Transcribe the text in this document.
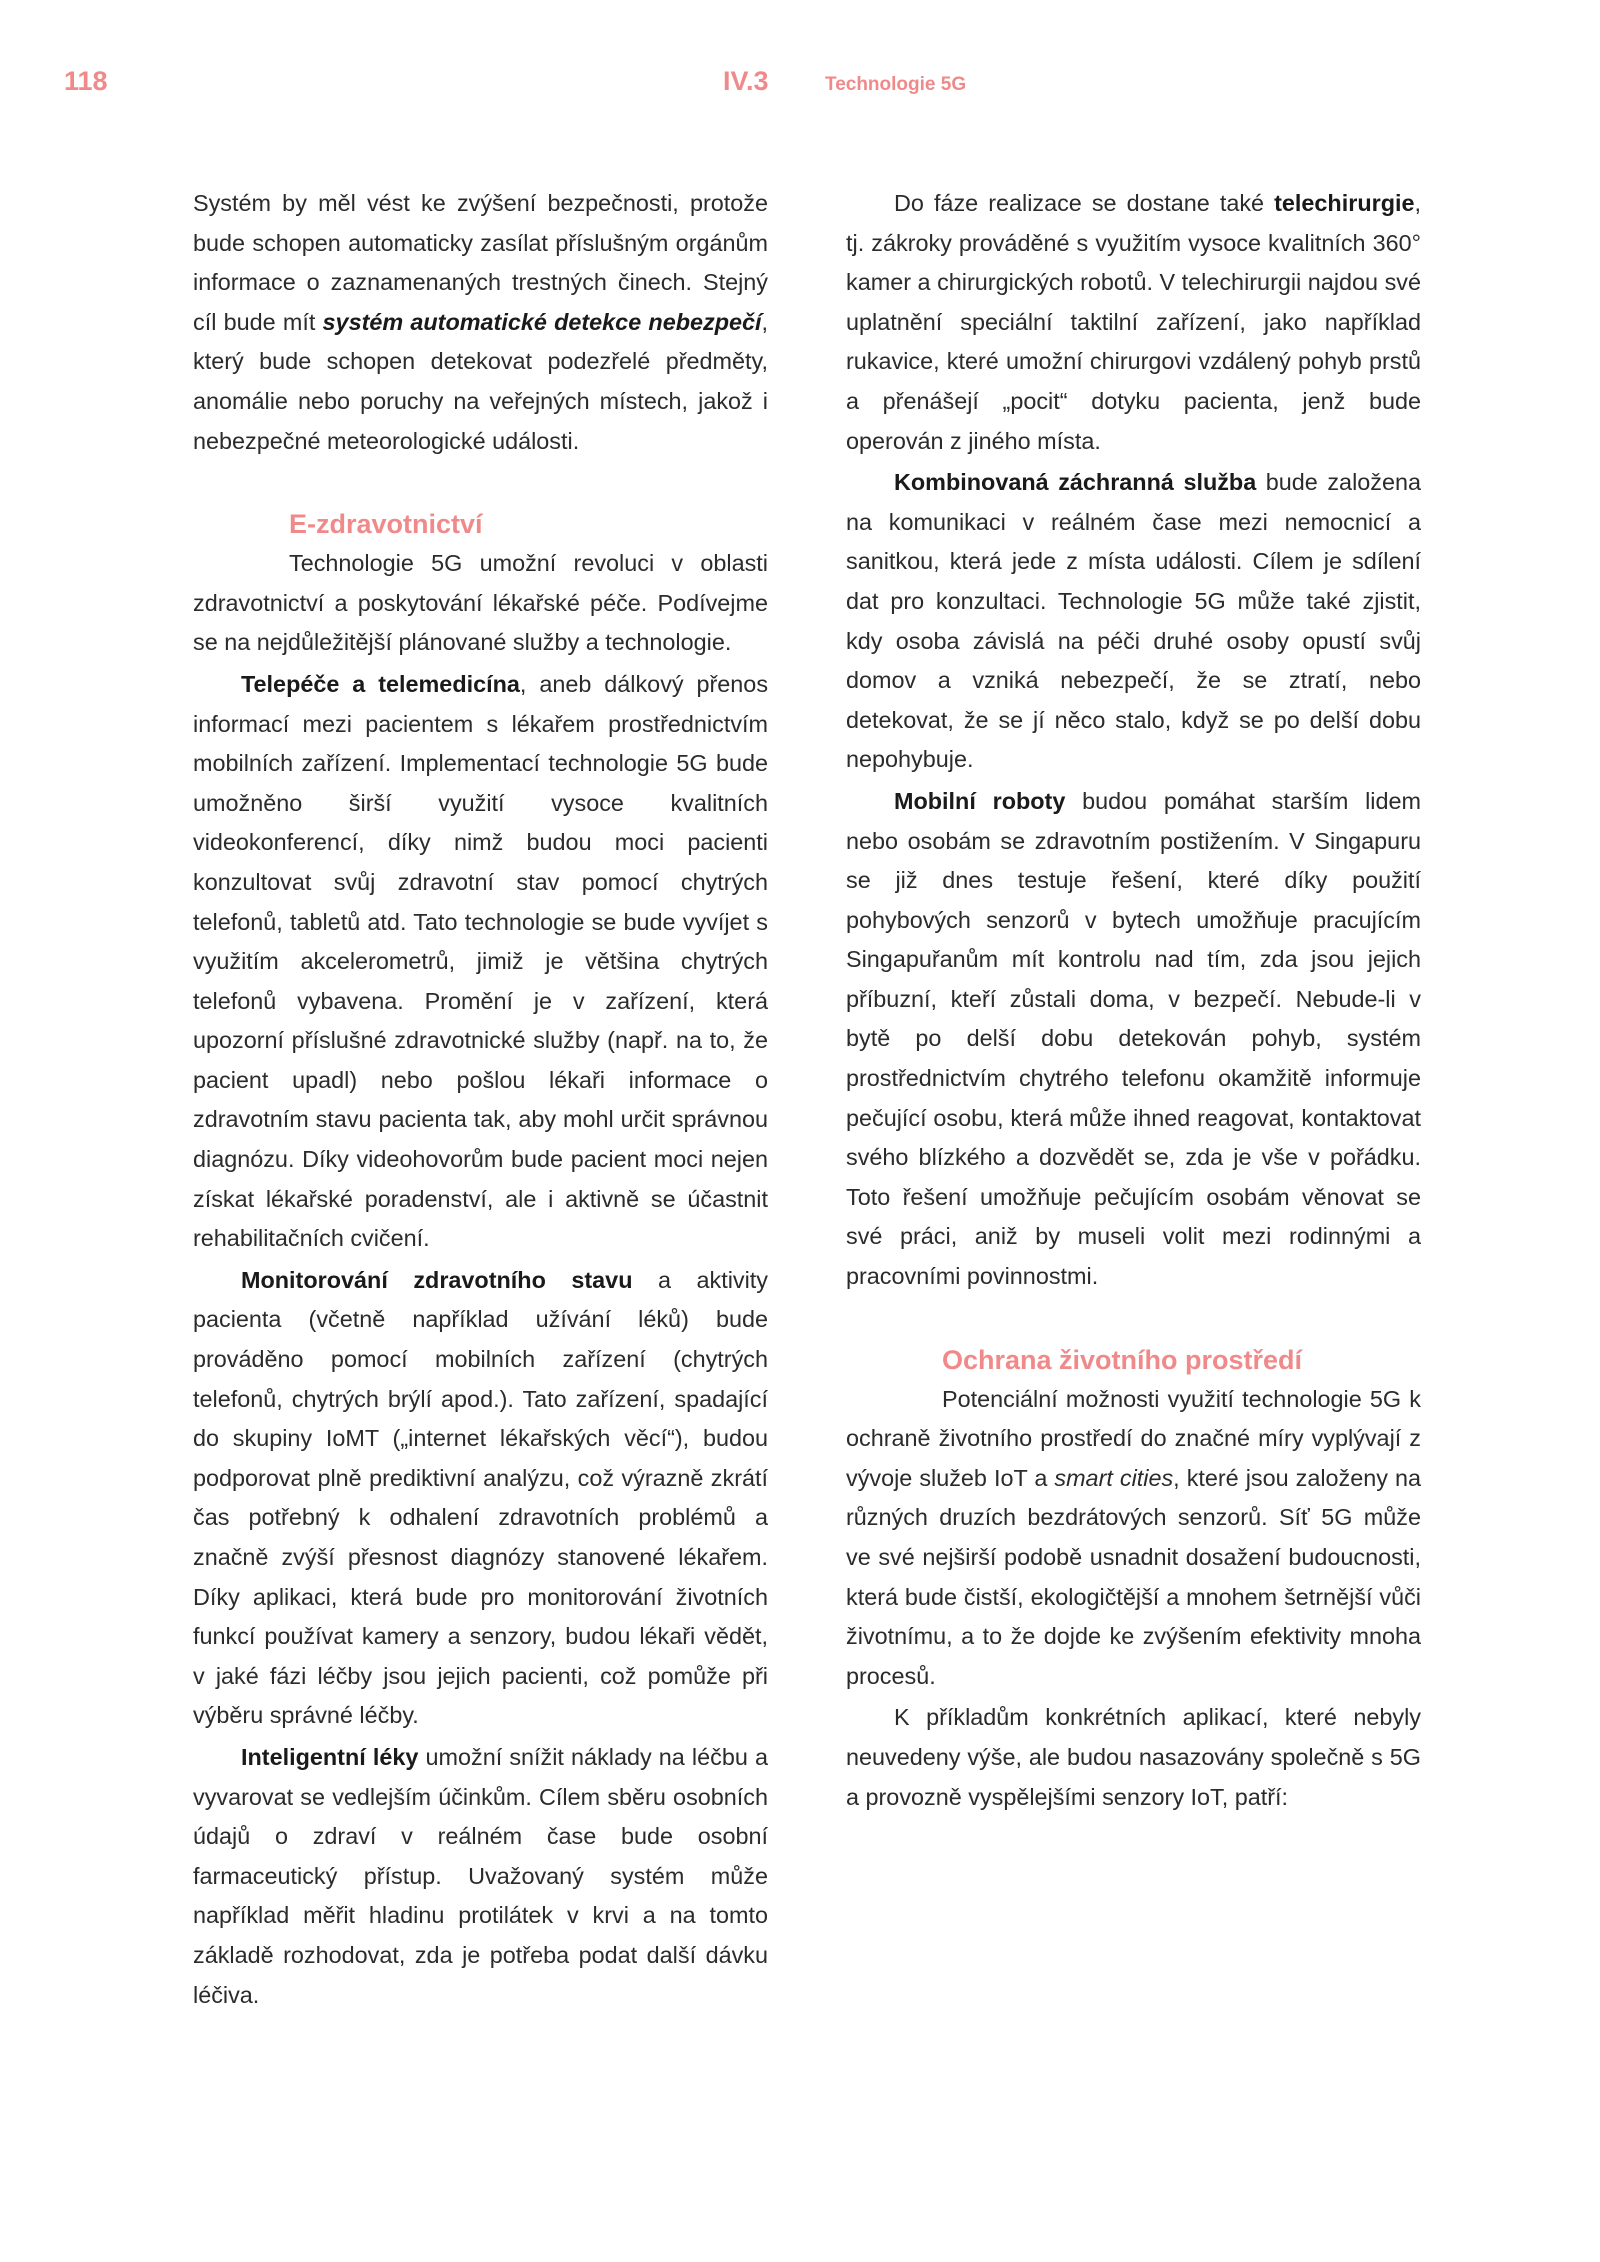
118	IV.3	Technologie 5G

Systém by měl vést ke zvýšení bezpečnosti, protože bude schopen automaticky zasílat příslušným orgánům informace o zaznamenaných trestných činech. Stejný cíl bude mít systém automatické detekce nebezpečí, který bude schopen detekovat podezřelé předměty, anomálie nebo poruchy na veřejných místech, jakož i nebezpečné meteorologické události.

E-zdravotnictví

Technologie 5G umožní revoluci v oblasti zdravotnictví a poskytování lékařské péče. Podívejme se na nejdůležitější plánované služby a technologie.

Telepéče a telemedicína, aneb dálkový přenos informací mezi pacientem s lékařem prostřednictvím mobilních zařízení. Implementací technologie 5G bude umožněno širší využití vysoce kvalitních videokonferencí, díky nimž budou moci pacienti konzultovat svůj zdravotní stav pomocí chytrých telefonů, tabletů atd. Tato technologie se bude vyvíjet s využitím akcelerometrů, jimiž je většina chytrých telefonů vybavena. Promění je v zařízení, která upozorní příslušné zdravotnické služby (např. na to, že pacient upadl) nebo pošlou lékaři informace o zdravotním stavu pacienta tak, aby mohl určit správnou diagnózu. Díky videohovorům bude pacient moci nejen získat lékařské poradenství, ale i aktivně se účastnit rehabilitačních cvičení.

Monitorování zdravotního stavu a aktivity pacienta (včetně například užívání léků) bude prováděno pomocí mobilních zařízení (chytrých telefonů, chytrých brýlí apod.). Tato zařízení, spadající do skupiny IoMT („internet lékařských věcí“), budou podporovat plně prediktivní analýzu, což výrazně zkrátí čas potřebný k odhalení zdravotních problémů a značně zvýší přesnost diagnózy stanovené lékařem. Díky aplikaci, která bude pro monitorování životních funkcí používat kamery a senzory, budou lékaři vědět, v jaké fázi léčby jsou jejich pacienti, což pomůže při výběru správné léčby.

Inteligentní léky umožní snížit náklady na léčbu a vyvarovat se vedlejším účinkům. Cílem sběru osobních údajů o zdraví v reálném čase bude osobní farmaceutický přístup. Uvažovaný systém může například měřit hladinu protilátek v krvi a na tomto základě rozhodovat, zda je potřeba podat další dávku léčiva.

Do fáze realizace se dostane také telechirurgie, tj. zákroky prováděné s využitím vysoce kvalitních 360° kamer a chirurgických robotů. V telechirurgii najdou své uplatnění speciální taktilní zařízení, jako například rukavice, které umožní chirurgovi vzdálený pohyb prstů a přenášejí „pocit“ dotyku pacienta, jenž bude operován z jiného místa.

Kombinovaná záchranná služba bude založena na komunikaci v reálném čase mezi nemocnicí a sanitkou, která jede z místa události. Cílem je sdílení dat pro konzultaci. Technologie 5G může také zjistit, kdy osoba závislá na péči druhé osoby opustí svůj domov a vzniká nebezpečí, že se ztratí, nebo detekovat, že se jí něco stalo, když se po delší dobu nepohybuje.

Mobilní roboty budou pomáhat starším lidem nebo osobám se zdravotním postižením. V Singapuru se již dnes testuje řešení, které díky použití pohybových senzorů v bytech umožňuje pracujícím Singapuřanům mít kontrolu nad tím, zda jsou jejich příbuzní, kteří zůstali doma, v bezpečí. Nebude-li v bytě po delší dobu detekován pohyb, systém prostřednictvím chytrého telefonu okamžitě informuje pečující osobu, která může ihned reagovat, kontaktovat svého blízkého a dozvědět se, zda je vše v pořádku. Toto řešení umožňuje pečujícím osobám věnovat se své práci, aniž by museli volit mezi rodinnými a pracovními povinnostmi.

Ochrana životního prostředí

Potenciální možnosti využití technologie 5G k ochraně životního prostředí do značné míry vyplývají z vývoje služeb IoT a smart cities, které jsou založeny na různých druzích bezdrátových senzorů. Síť 5G může ve své nejširší podobě usnadnit dosažení budoucnosti, která bude čistší, ekologičtější a mnohem šetrnější vůči životnímu, a to že dojde ke zvýšením efektivity mnoha procesů.

K příkladům konkrétních aplikací, které nebyly neuvedeny výše, ale budou nasazovány společně s 5G a provozně vyspělejšími senzory IoT, patří:
